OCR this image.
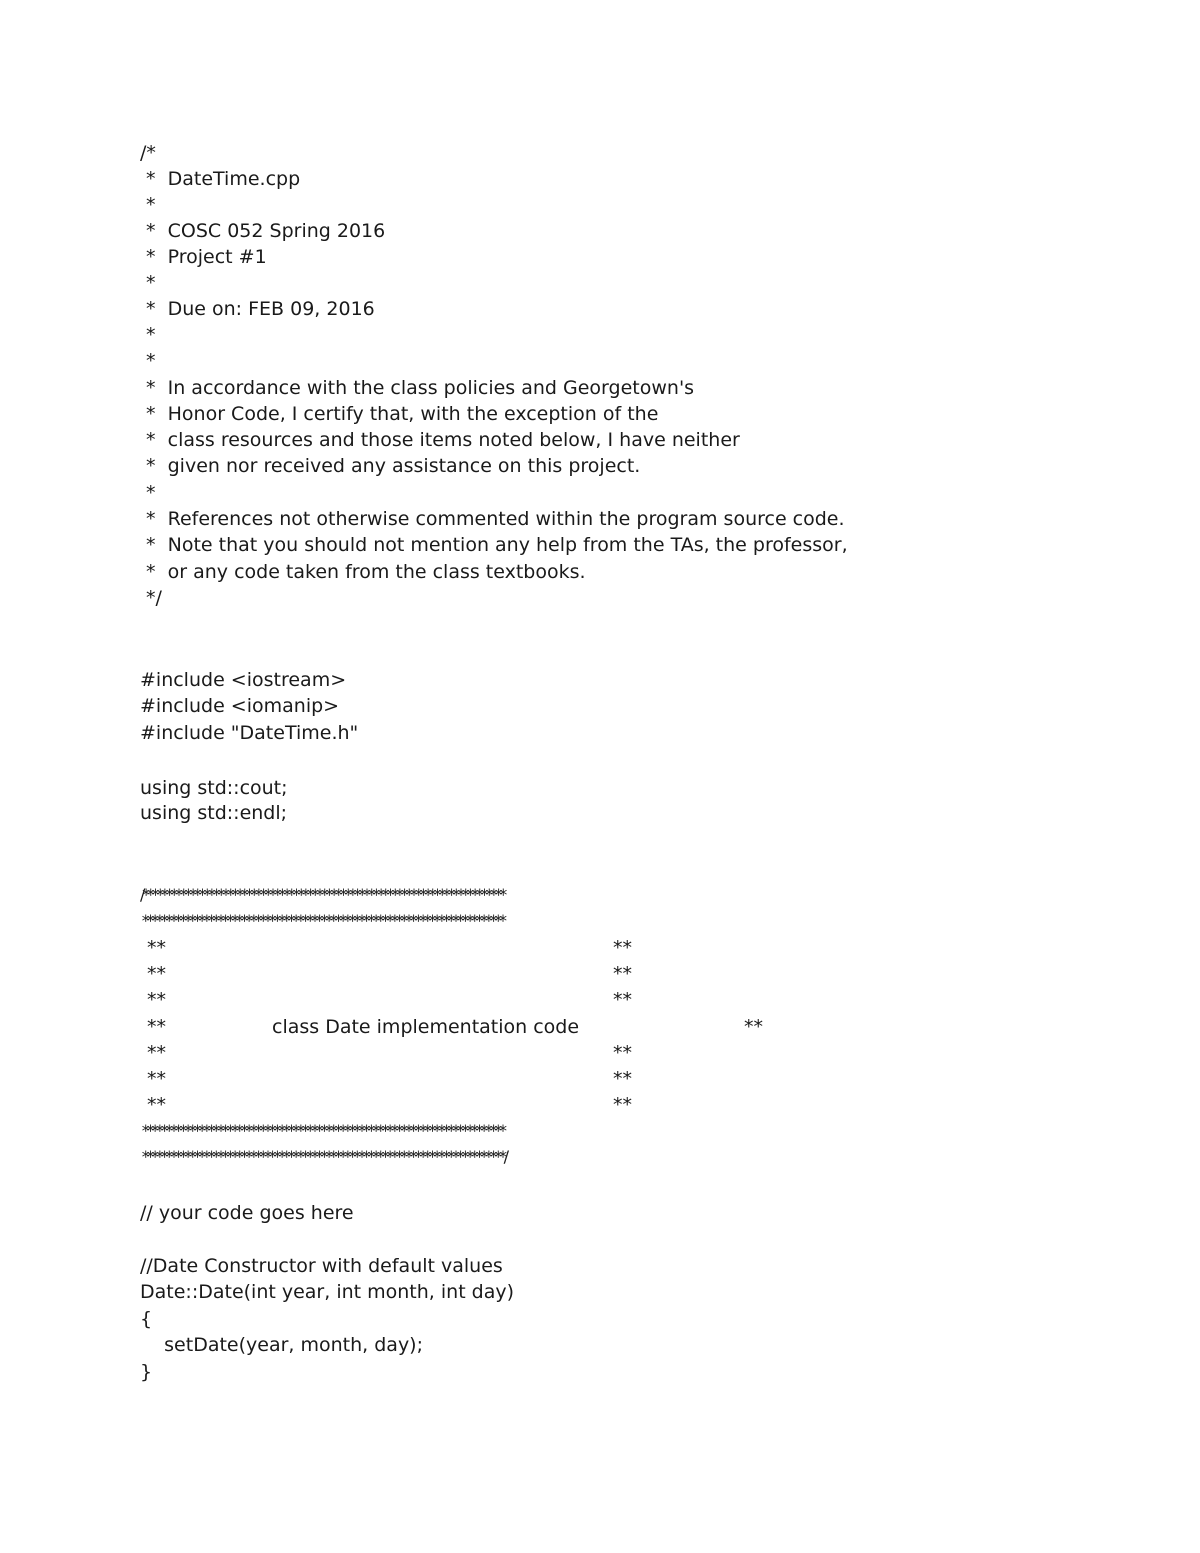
/*
*  DateTime.cpp
*
*  COSC 052 Spring 2016
*  Project #1
*
*  Due on: FEB 09, 2016
*
*
*  In accordance with the class policies and Georgetown's
*  Honor Code, I certify that, with the exception of the
*  class resources and those items noted below, I have neither
*  given nor received any assistance on this project.
*
*  References not otherwise commented within the program source code.
*  Note that you should not mention any help from the TAs, the professor,
*  or any code taken from the class textbooks.
*/
#include <iostream>
#include <iomanip>
#include "DateTime.h"
using std::cout;
using std::endl;
/*****************************************************************************
*****************************************************************************
**	**
**	**
**	**
**	class Date implementation code	**
**	**
**	**
**	**
*****************************************************************************
*****************************************************************************/
// your code goes here
//Date Constructor with default values
Date::Date(int year, int month, int day)
{
setDate(year, month, day);
}
